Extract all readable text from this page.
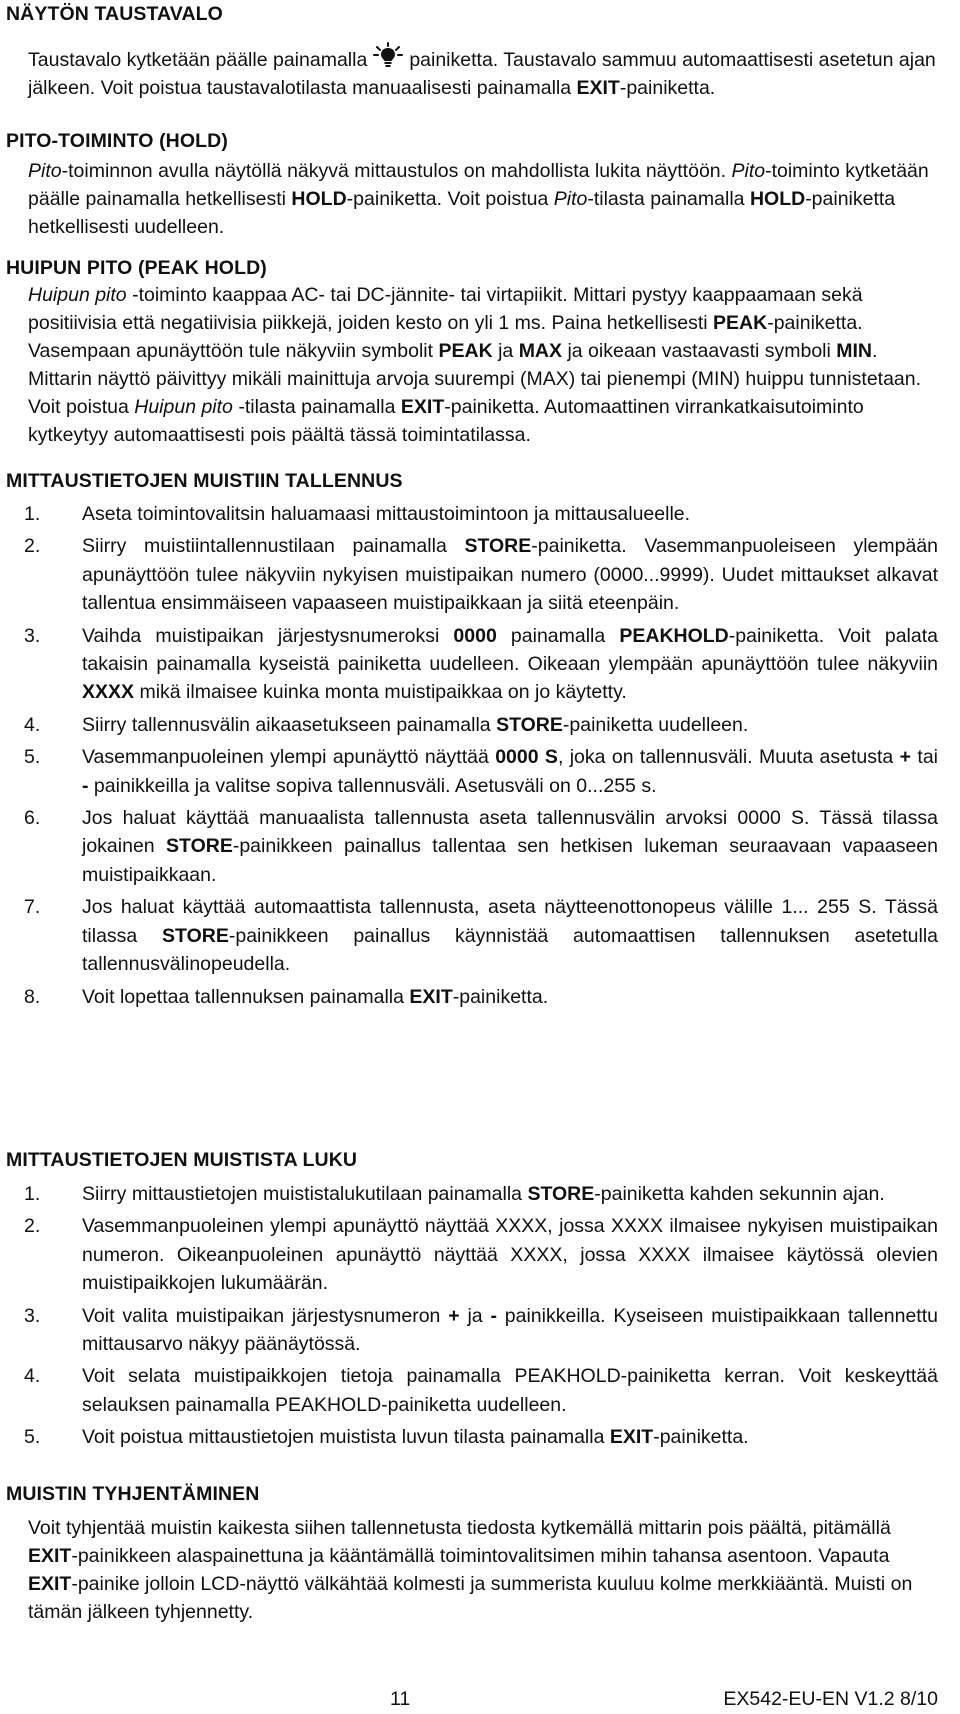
NÄYTÖN TAUSTAVALO

Taustavalo kytketään päälle painamalla painiketta. Taustavalo sammuu automaattisesti asetetun ajan jälkeen. Voit poistua taustavalotilasta manuaalisesti painamalla EXIT-painiketta.

PITO-TOIMINTO (HOLD)

Pito-toiminnon avulla näytöllä näkyvä mittaustulos on mahdollista lukita näyttöön. Pito-toiminto kytketään päälle painamalla hetkellisesti HOLD-painiketta. Voit poistua Pito-tilasta painamalla HOLD-painiketta hetkellisesti uudelleen.

HUIPUN PITO (PEAK HOLD)

Huipun pito -toiminto kaappaa AC- tai DC-jännite- tai virtapiikit. Mittari pystyy kaappaamaan sekä positiivisia että negatiivisia piikkejä, joiden kesto on yli 1 ms. Paina hetkellisesti PEAK-painiketta. Vasempaan apunäyttöön tule näkyviin symbolit PEAK ja MAX ja oikeaan vastaavasti symboli MIN. Mittarin näyttö päivittyy mikäli mainittuja arvoja suurempi (MAX) tai pienempi (MIN) huippu tunnistetaan. Voit poistua Huipun pito -tilasta painamalla EXIT-painiketta. Automaattinen virrankatkaisutoiminto kytkeytyy automaattisesti pois päältä tässä toimintatilassa.

MITTAUSTIETOJEN MUISTIIN TALLENNUS
1. Aseta toimintovalitsin haluamaasi mittaustoimintoon ja mittausalueelle.
2. Siirry muistiintallennustilaan painamalla STORE-painiketta. Vasemmanpuoleiseen ylempään apunäyttöön tulee näkyviin nykyisen muistipaikan numero (0000...9999). Uudet mittaukset alkavat tallentua ensimmäiseen vapaaseen muistipaikkaan ja siitä eteenpäin.
3. Vaihda muistipaikan järjestysnumeroksi 0000 painamalla PEAKHOLD-painiketta. Voit palata takaisin painamalla kyseistä painiketta uudelleen. Oikeaan ylempään apunäyttöön tulee näkyviin XXXX mikä ilmaisee kuinka monta muistipaikkaa on jo käytetty.
4. Siirry tallennusvälin aikaasetukseen painamalla STORE-painiketta uudelleen.
5. Vasemmanpuoleinen ylempi apunäyttö näyttää 0000 S, joka on tallennusväli. Muuta asetusta + tai - painikkeilla ja valitse sopiva tallennusväli. Asetusväli on 0...255 s.
6. Jos haluat käyttää manuaalista tallennusta aseta tallennusvälin arvoksi 0000 S. Tässä tilassa jokainen STORE-painikkeen painallus tallentaa sen hetkisen lukeman seuraavaan vapaaseen muistipaikkaan.
7. Jos haluat käyttää automaattista tallennusta, aseta näytteenottonopeus välille 1... 255 S. Tässä tilassa STORE-painikkeen painallus käynnistää automaattisen tallennuksen asetetulla tallennusvälinopeudella.
8. Voit lopettaa tallennuksen painamalla EXIT-painiketta.
MITTAUSTIETOJEN MUISTISTA LUKU
1. Siirry mittaustietojen muististalukutilaan painamalla STORE-painiketta kahden sekunnin ajan.
2. Vasemmanpuoleinen ylempi apunäyttö näyttää XXXX, jossa XXXX ilmaisee nykyisen muistipaikan numeron. Oikeanpuoleinen apunäyttö näyttää XXXX, jossa XXXX ilmaisee käytössä olevien muistipaikkojen lukumäärän.
3. Voit valita muistipaikan järjestysnumeron + ja - painikkeilla. Kyseiseen muistipaikkaan tallennettu mittausarvo näkyy päänäytössä.
4. Voit selata muistipaikkojen tietoja painamalla PEAKHOLD-painiketta kerran. Voit keskeyttää selauksen painamalla PEAKHOLD-painiketta uudelleen.
5. Voit poistua mittaustietojen muistista luvun tilasta painamalla EXIT-painiketta.
MUISTIN TYHJENTÄMINEN

Voit tyhjentää muistin kaikesta siihen tallennetusta tiedosta kytkemällä mittarin pois päältä, pitämällä EXIT-painikkeen alaspainettuna ja kääntämällä toimintovalitsimen mihin tahansa asentoon. Vapauta EXIT-painike jolloin LCD-näyttö välkähtää kolmesti ja summerista kuuluu kolme merkkiääntä. Muisti on tämän jälkeen tyhjennetty.

11	EX542-EU-EN V1.2 8/10
